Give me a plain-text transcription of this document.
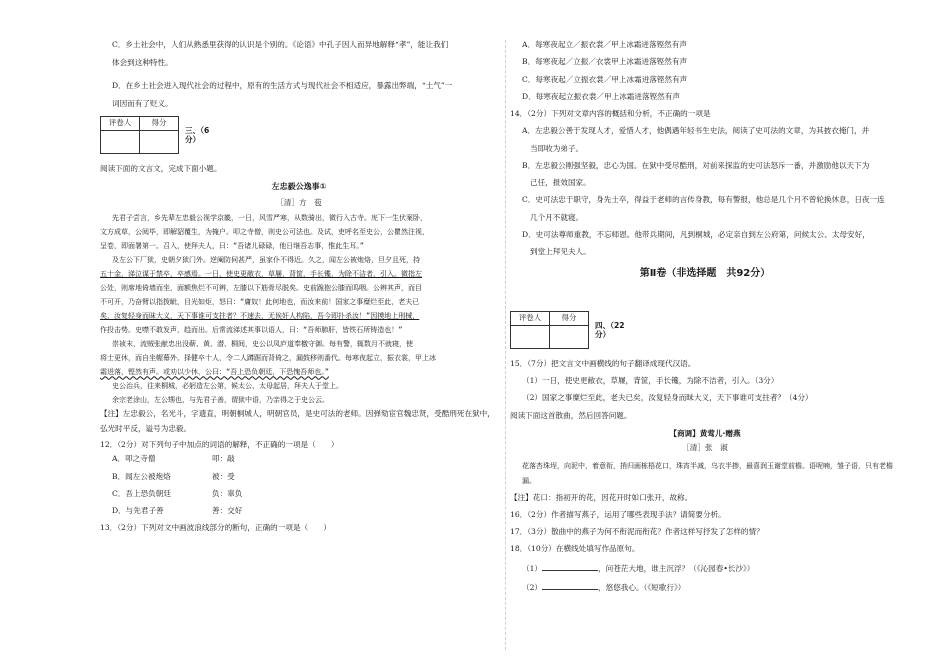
C．乡土社会中，人们从熟悉里获得的认识是个别的。《论语》中孔子因人而异地解释“孝”，能让我们

体会到这种特性。

D．在乡土社会进入现代社会的过程中，原有的生活方式与现代社会不相适应，暴露出弊端，“土气”一

词因而有了贬义。

评卷人	得分

三、（6
分）

阅读下面的文言文，完成下面小题。

左忠毅公逸事①

［清］方　苞

先君子尝言，乡先辈左忠毅公视学京畿，一日，风雪严寒，从数骑出，微行入古寺。庑下一生伏案卧，

文方成草，公阅毕，即解貂覆生，为掩户。叩之寺僧，则史公可法也。及试，吏呼名至史公，公瞿然注视，

呈卷，即面署第一。召入，使拜夫人，曰：“吾诸儿碌碌，他日继吾志事，惟此生耳。”

及左公下厂狱，史朝夕狱门外。逆阉防伺甚严，虽家仆不得近。久之，闻左公被炮烙，旦夕且死，持

五十金，涕泣谋于禁卒，卒感焉。一日，使史更敝衣，草屦，背筐，手长镵，为除不洁者，引入。微指左

公处，则席地倚墙而坐，面额焦烂不可辨，左膝以下筋骨尽脱矣。史前跪抱公膝而呜咽。公辨其声，而目

不可开，乃奋臂以指拨眦，目光如炬，怒曰：“庸奴！此何地也，而汝来前！国家之事糜烂至此，老夫已

矣，汝复轻身而昧大义，天下事谁可支拄者？不速去，无俟奸人构陷，吾今即扑杀汝！”因摸地上刑械，

作投击势。史噤不敢发声，趋而出。后常流涕述其事以语人，曰：“吾师肺肝，皆铁石所铸造也！”

崇祯末，流贼张献忠出没蕲、黄、潜、桐间，史公以凤庐道奉檄守御。每有警，辄数月不就寝，使

将士更休，而自坐幄幕外。择健卒十人，令二人蹲踞而背倚之，漏鼓移则番代。每寒夜起立，振衣裳，甲上冰

霜迸落，铿然有声。或劝以少休，公曰：“吾上恐负朝廷，下恐愧吾师也。”

史公治兵，往来桐城，必躬造左公第，候太公、太母起居，拜夫人于堂上。

余宗老涂山，左公甥也，与先君子善，谓狱中语，乃亲得之于史公云。

【注】左忠毅公，名光斗，字遗直，明朝桐城人，明朝官员，是史可法的老师。因弹劾宦官魏忠贤，受酷刑死在狱中，弘光时平反，谥号为忠毅。

12．（2分）对下列句子中加点的词语的解释，不正确的一项是（　　）

A．叩之寺僧	叩：敲
B．闻左公被炮烙	被：受
C．吾上恐负朝廷	负：辜负
D．与先君子善	善：交好

13．（2分）下列对文中画波浪线部分的断句，正确的一项是（　　）

A．每寒夜起立／振衣裳／甲上冰霜迸落铿然有声

B．每寒夜起／立振／衣裳甲上冰霜迸落铿然有声

C．每寒夜起／立振衣裳／甲上冰霜迸落铿然有声

D．每寒夜起立振衣裳／甲上冰霜迸落铿然有声

14．（2分）下列对文章内容的概括和分析，不正确的一项是

A．左忠毅公善于发现人才，爱惜人才，他偶遇年轻书生史法，阅读了史可法的文章，为其披衣掩门，并

当即收为弟子。

B．左忠毅公刚强坚毅，忠心为国。在狱中受尽酷刑，对前来探监的史可法怒斥一番，并激励他以天下为

己任，报效国家。

C．史可法忠于职守，身先士卒，得益于老师的言传身教，每有警报，他总是几个月不曾轮换休息，日夜一连

几个月不就寝。

D．史可法尊师重教，不忘师恩。他带兵期间，凡到桐城，必定亲自到左公府第，问候太公、太母安好，

到堂上拜见夫人。

第Ⅱ卷（非选择题　共92分）

评卷人	得分

四、（22
分）

15．（7分）把文言文中画横线的句子翻译成现代汉语。

（1）一日，使史更敝衣，草屦，背筐，手长镵，为除不洁者，引入。（3分）

（2）国家之事糜烂至此，老夫已矣，汝复轻身而昧大义，天下事谁可支拄者？（4分）

阅读下面这首散曲，然后回答问题。

【商调】黄莺儿·赠燕

［清］张　淑

花落杏珠埕，向泥中，着意衔，捎归画栋梧花口，珠宵半减，乌衣半掺，最喜润玉谢堂前檐。语呢喃，雏子语，只有老檐漏。

【注】花口：指初开的花，因花开时如口张开，故称。

16．（2分）作者描写燕子，运用了哪些表现手法？请简要分析。

17．（3分）散曲中的燕子为何不衔泥而衔花？作者这样写抒发了怎样的情？

18．（10分）在横线处填写作品原句。

（1）	，问苍茫大地，谁主沉浮？（《沁园春•长沙》）

（2）	，悠悠我心。（《短歌行》）
